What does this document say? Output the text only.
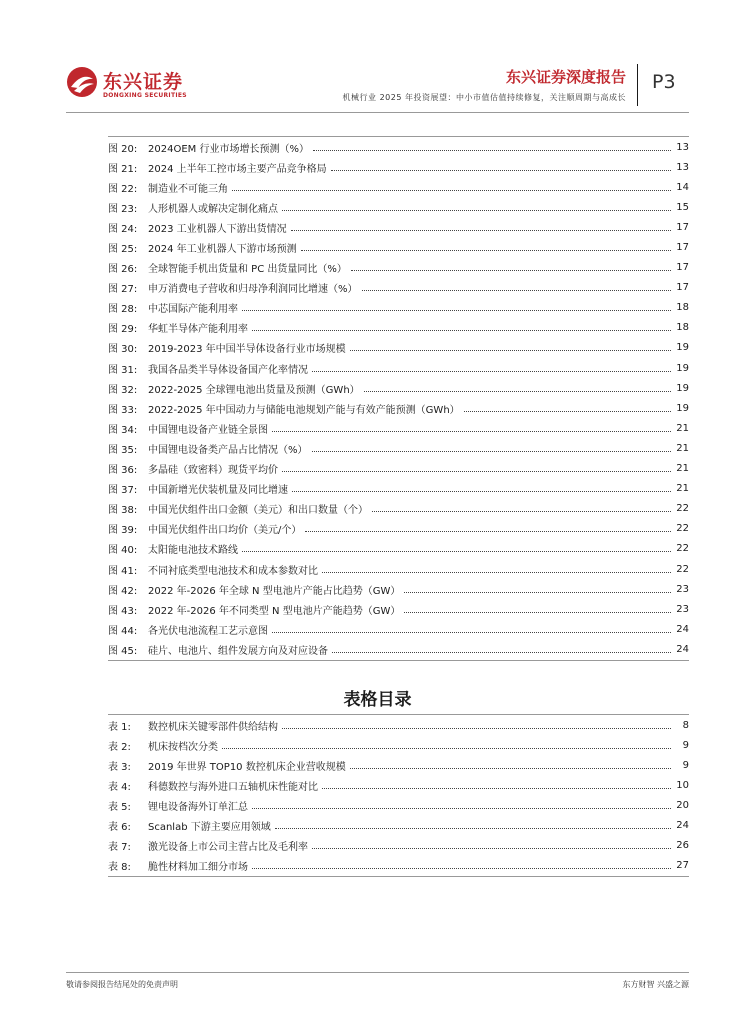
东兴证券
DONGXING SECURITIES
东兴证券深度报告
机械行业 2025 年投资展望：中小市值估值持续修复，关注顺周期与高成长
P3
图 20:	2024OEM 行业市场增长预测（%）	13
图 21:	2024 上半年工控市场主要产品竞争格局	13
图 22:	制造业不可能三角	14
图 23:	人形机器人或解决定制化痛点	15
图 24:	2023 工业机器人下游出货情况	17
图 25:	2024 年工业机器人下游市场预测	17
图 26:	全球智能手机出货量和 PC 出货量同比（%）	17
图 27:	申万消费电子营收和归母净利润同比增速（%）	17
图 28:	中芯国际产能利用率	18
图 29:	华虹半导体产能利用率	18
图 30:	2019-2023 年中国半导体设备行业市场规模	19
图 31:	我国各品类半导体设备国产化率情况	19
图 32:	2022-2025 全球锂电池出货量及预测（GWh）	19
图 33:	2022-2025 年中国动力与储能电池规划产能与有效产能预测（GWh）	19
图 34:	中国锂电设备产业链全景图	21
图 35:	中国锂电设备类产品占比情况（%）	21
图 36:	多晶硅（致密料）现货平均价	21
图 37:	中国新增光伏装机量及同比增速	21
图 38:	中国光伏组件出口金额（美元）和出口数量（个）	22
图 39:	中国光伏组件出口均价（美元/个）	22
图 40:	太阳能电池技术路线	22
图 41:	不同衬底类型电池技术和成本参数对比	22
图 42:	2022 年-2026 年全球 N 型电池片产能占比趋势（GW）	23
图 43:	2022 年-2026 年不同类型 N 型电池片产能趋势（GW）	23
图 44:	各光伏电池流程工艺示意图	24
图 45:	硅片、电池片、组件发展方向及对应设备	24
表格目录
表 1:	数控机床关键零部件供给结构	8
表 2:	机床按档次分类	9
表 3:	2019 年世界 TOP10 数控机床企业营收规模	9
表 4:	科德数控与海外进口五轴机床性能对比	10
表 5:	锂电设备海外订单汇总	20
表 6:	Scanlab 下游主要应用领域	24
表 7:	激光设备上市公司主营占比及毛利率	26
表 8:	脆性材料加工细分市场	27
敬请参阅报告结尾处的免责声明	东方财智 兴盛之源
